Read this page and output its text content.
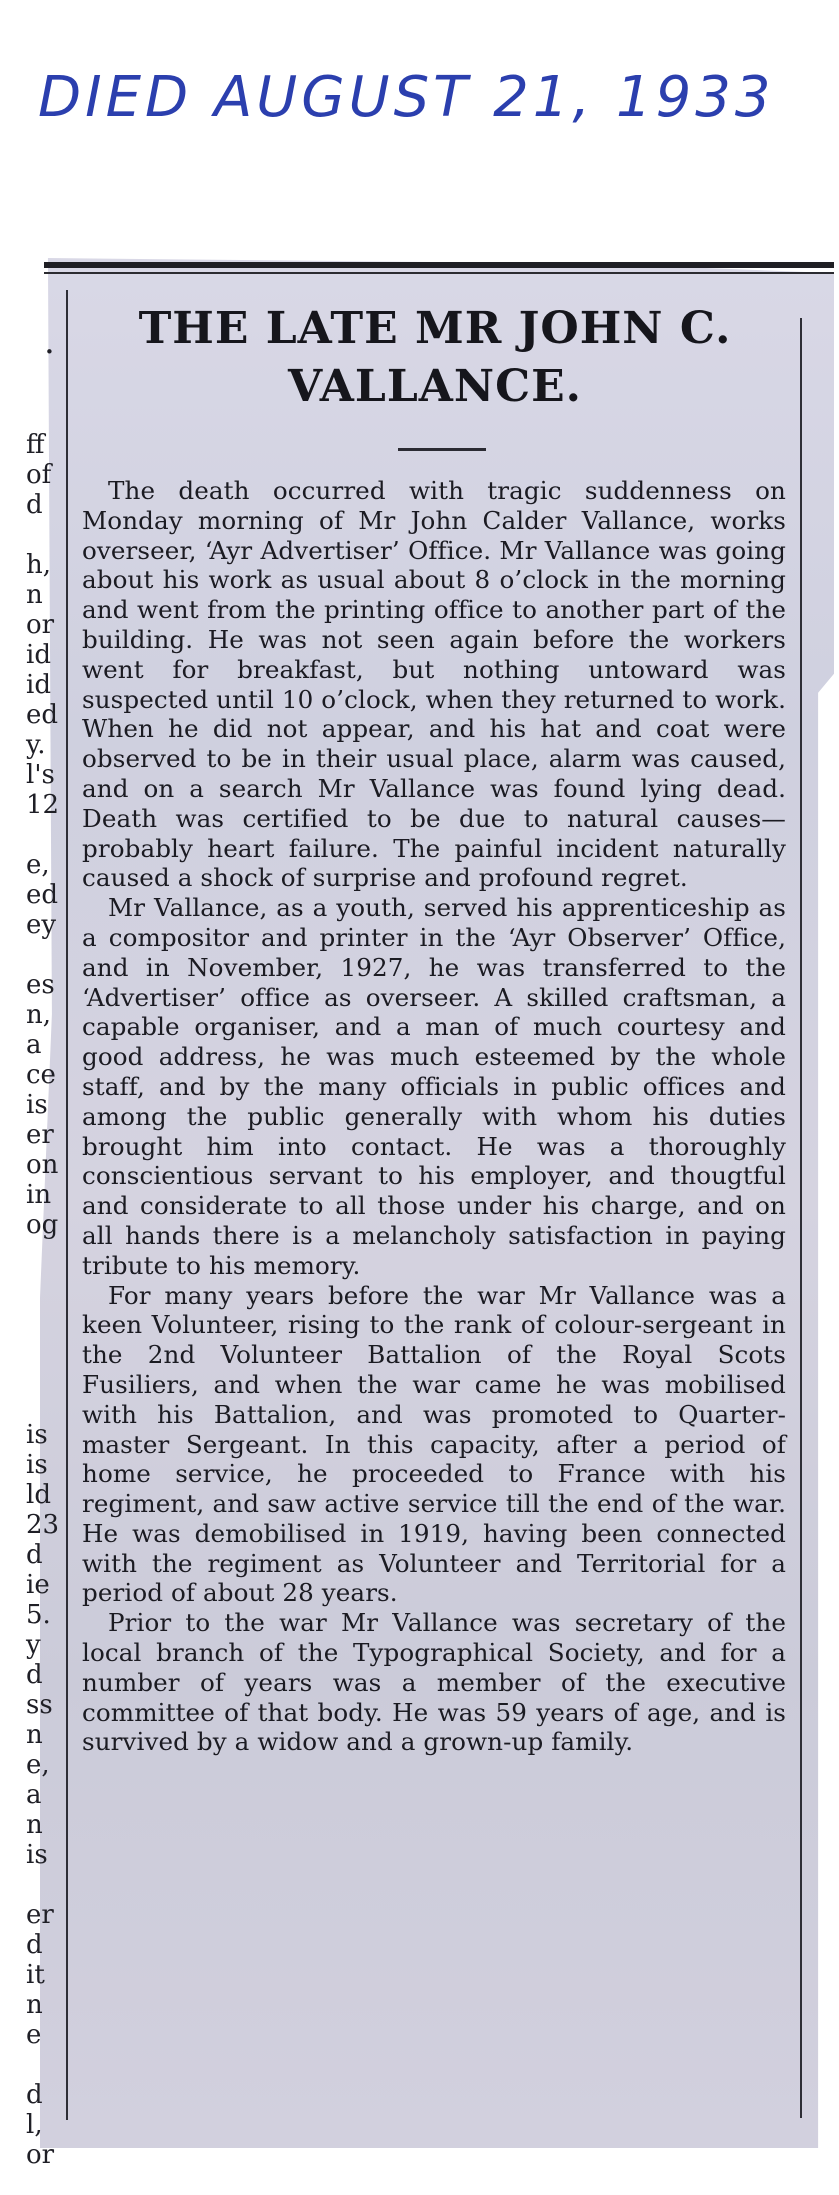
DIED AUGUST 21, 1933
.
ff
of
d
h,
n
or
id
id
ed
y.
l's
12
e,
ed
ey
es
n,
a
ce
is
er
on
in
og
is
is
ld
23
d
ie
5.
y
d
ss
n
e,
a
n
is
er
d
it
n
e
d
l,
or
THE LATE MR JOHN C.
VALLANCE.

The death occurred with tragic suddenness on Monday morning of Mr John Calder Vallance, works overseer, ‘Ayr Advertiser’ Office. Mr Vallance was going about his work as usual about 8 o’clock in the morning and went from the printing office to another part of the building. He was not seen again before the workers went for breakfast, but nothing untoward was suspected until 10 o’clock, when they returned to work. When he did not appear, and his hat and coat were observed to be in their usual place, alarm was caused, and on a search Mr Vallance was found lying dead. Death was certified to be due to natural causes—probably heart failure. The painful incident naturally caused a shock of surprise and profound regret.

Mr Vallance, as a youth, served his apprenticeship as a compositor and printer in the ‘Ayr Observer’ Office, and in November, 1927, he was transferred to the ‘Advertiser’ office as overseer. A skilled craftsman, a capable organiser, and a man of much courtesy and good address, he was much esteemed by the whole staff, and by the many officials in public offices and among the public generally with whom his duties brought him into contact. He was a thoroughly conscientious servant to his employer, and thougtful and considerate to all those under his charge, and on all hands there is a melancholy satisfaction in paying tribute to his memory.

For many years before the war Mr Vallance was a keen Volunteer, rising to the rank of colour-sergeant in the 2nd Volunteer Battalion of the Royal Scots Fusiliers, and when the war came he was mobilised with his Battalion, and was promoted to Quarter-master Sergeant. In this capacity, after a period of home service, he proceeded to France with his regiment, and saw active service till the end of the war. He was demobilised in 1919, having been connected with the regiment as Volunteer and Territorial for a period of about 28 years.

Prior to the war Mr Vallance was secretary of the local branch of the Typographical Society, and for a number of years was a member of the executive committee of that body. He was 59 years of age, and is survived by a widow and a grown-up family.
